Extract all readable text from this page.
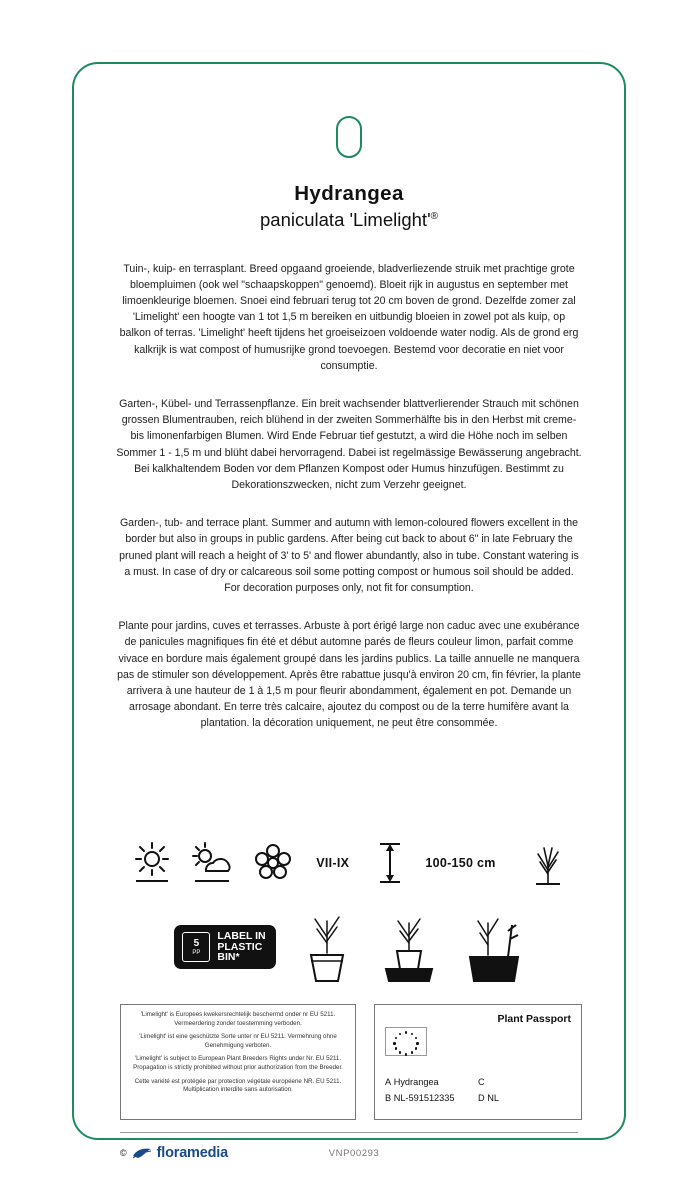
Hydrangea
paniculata 'Limelight'®

Tuin-, kuip- en terrasplant. Breed opgaand groeiende, bladverliezende struik met prachtige grote bloempluimen (ook wel "schaapskoppen" genoemd). Bloeit rijk in augustus en september met limoenkleurige bloemen. Snoei eind februari terug tot 20 cm boven de grond. Dezelfde zomer zal 'Limelight' een hoogte van 1 tot 1,5 m bereiken en uitbundig bloeien in zowel pot als kuip, op balkon of terras. 'Limelight' heeft tijdens het groeiseizoen voldoende water nodig. Als de grond erg kalkrijk is wat compost of humusrijke grond toevoegen. Bestemd voor decoratie en niet voor consumptie.

Garten-, Kübel- und Terrassenpflanze. Ein breit wachsender blattverlierender Strauch mit schönen grossen Blumentrauben, reich blühend in der zweiten Sommerhälfte bis in den Herbst mit creme- bis limonenfarbigen Blumen. Wird Ende Februar tief gestutzt, a wird die Höhe noch im selben Sommer 1 - 1,5 m und blüht dabei hervorragend. Dabei ist regelmässige Bewässerung angebracht. Bei kalkhaltendem Boden vor dem Pflanzen Kompost oder Humus hinzufügen. Bestimmt zu Dekorationszwecken, nicht zum Verzehr geeignet.

Garden-, tub- and terrace plant. Summer and autumn with lemon-coloured flowers excellent in the border but also in groups in public gardens. After being cut back to about 6" in late February the pruned plant will reach a height of 3' to 5' and flower abundantly, also in tube. Constant watering is a must. In case of dry or calcareous soil some potting compost or humous soil should be added. For decoration purposes only, not fit for consumption.

Plante pour jardins, cuves et terrasses. Arbuste à port érigé large non caduc avec une exubérance de panicules magnifiques fin été et début automne parés de fleurs couleur limon, parfait comme vivace en bordure mais également groupé dans les jardins publics. La taille annuelle ne manquera pas de stimuler son développement. Après être rabattue jusqu'à environ 20 cm, fin février, la plante arrivera à une hauteur de 1 à 1,5 m pour fleurir abondamment, également en pot. Demande un arrosage abondant. En terre très calcaire, ajoutez du compost ou de la terre humifère avant la plantation. la décoration uniquement, ne peut être consommée.

VII-IX	100-150 cm
5
PP
LABEL IN
PLASTIC
BIN*

'Limelight' is Europees kwekersrechtelijk beschermd onder nr EU 5211. Vermeerdering zonder toestemming verboden.

'Limelight' ist eine geschützte Sorte unter nr EU 5211. Vermehrung ohne Genehmigung verboten.

'Limelight' is subject to European Plant Breeders Rights under Nr. EU 5211. Propagation is strictly prohibited without prior authorization from the Breeder.

Cette variété est protégée par protection végétale européene NR. EU 5211. Multiplication interdite sans autorisation.

Plant Passport
A Hydrangea
B NL-591512335
C
D NL
© floramedia	VNP00293
